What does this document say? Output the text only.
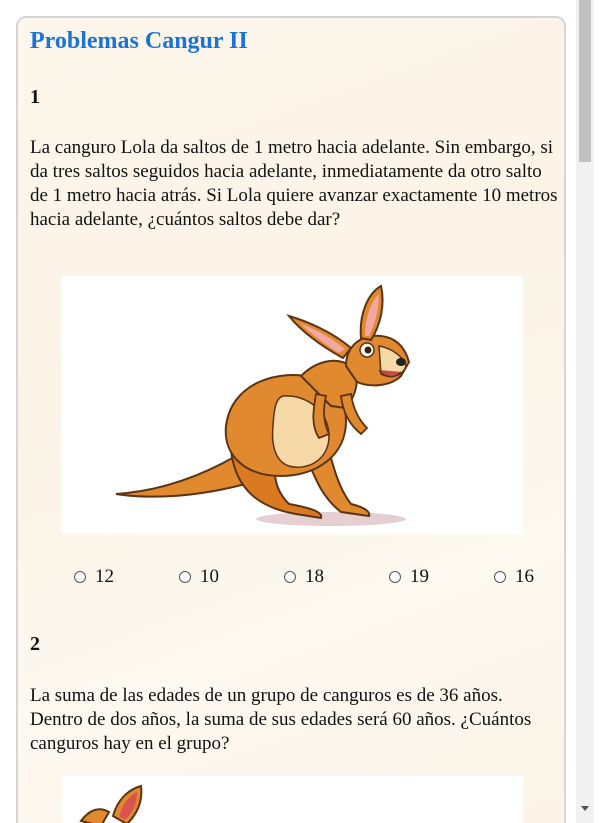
Problemas Cangur II
1

La canguro Lola da saltos de 1 metro hacia adelante. Sin embargo, si da tres saltos seguidos hacia adelante, inmediatamente da otro salto de 1 metro hacia atrás. Si Lola quiere avanzar exactamente 10 metros hacia adelante, ¿cuántos saltos debe dar?

12	10	18	19	16
2

La suma de las edades de un grupo de canguros es de 36 años. Dentro de dos años, la suma de sus edades será 60 años. ¿Cuántos canguros hay en el grupo?
